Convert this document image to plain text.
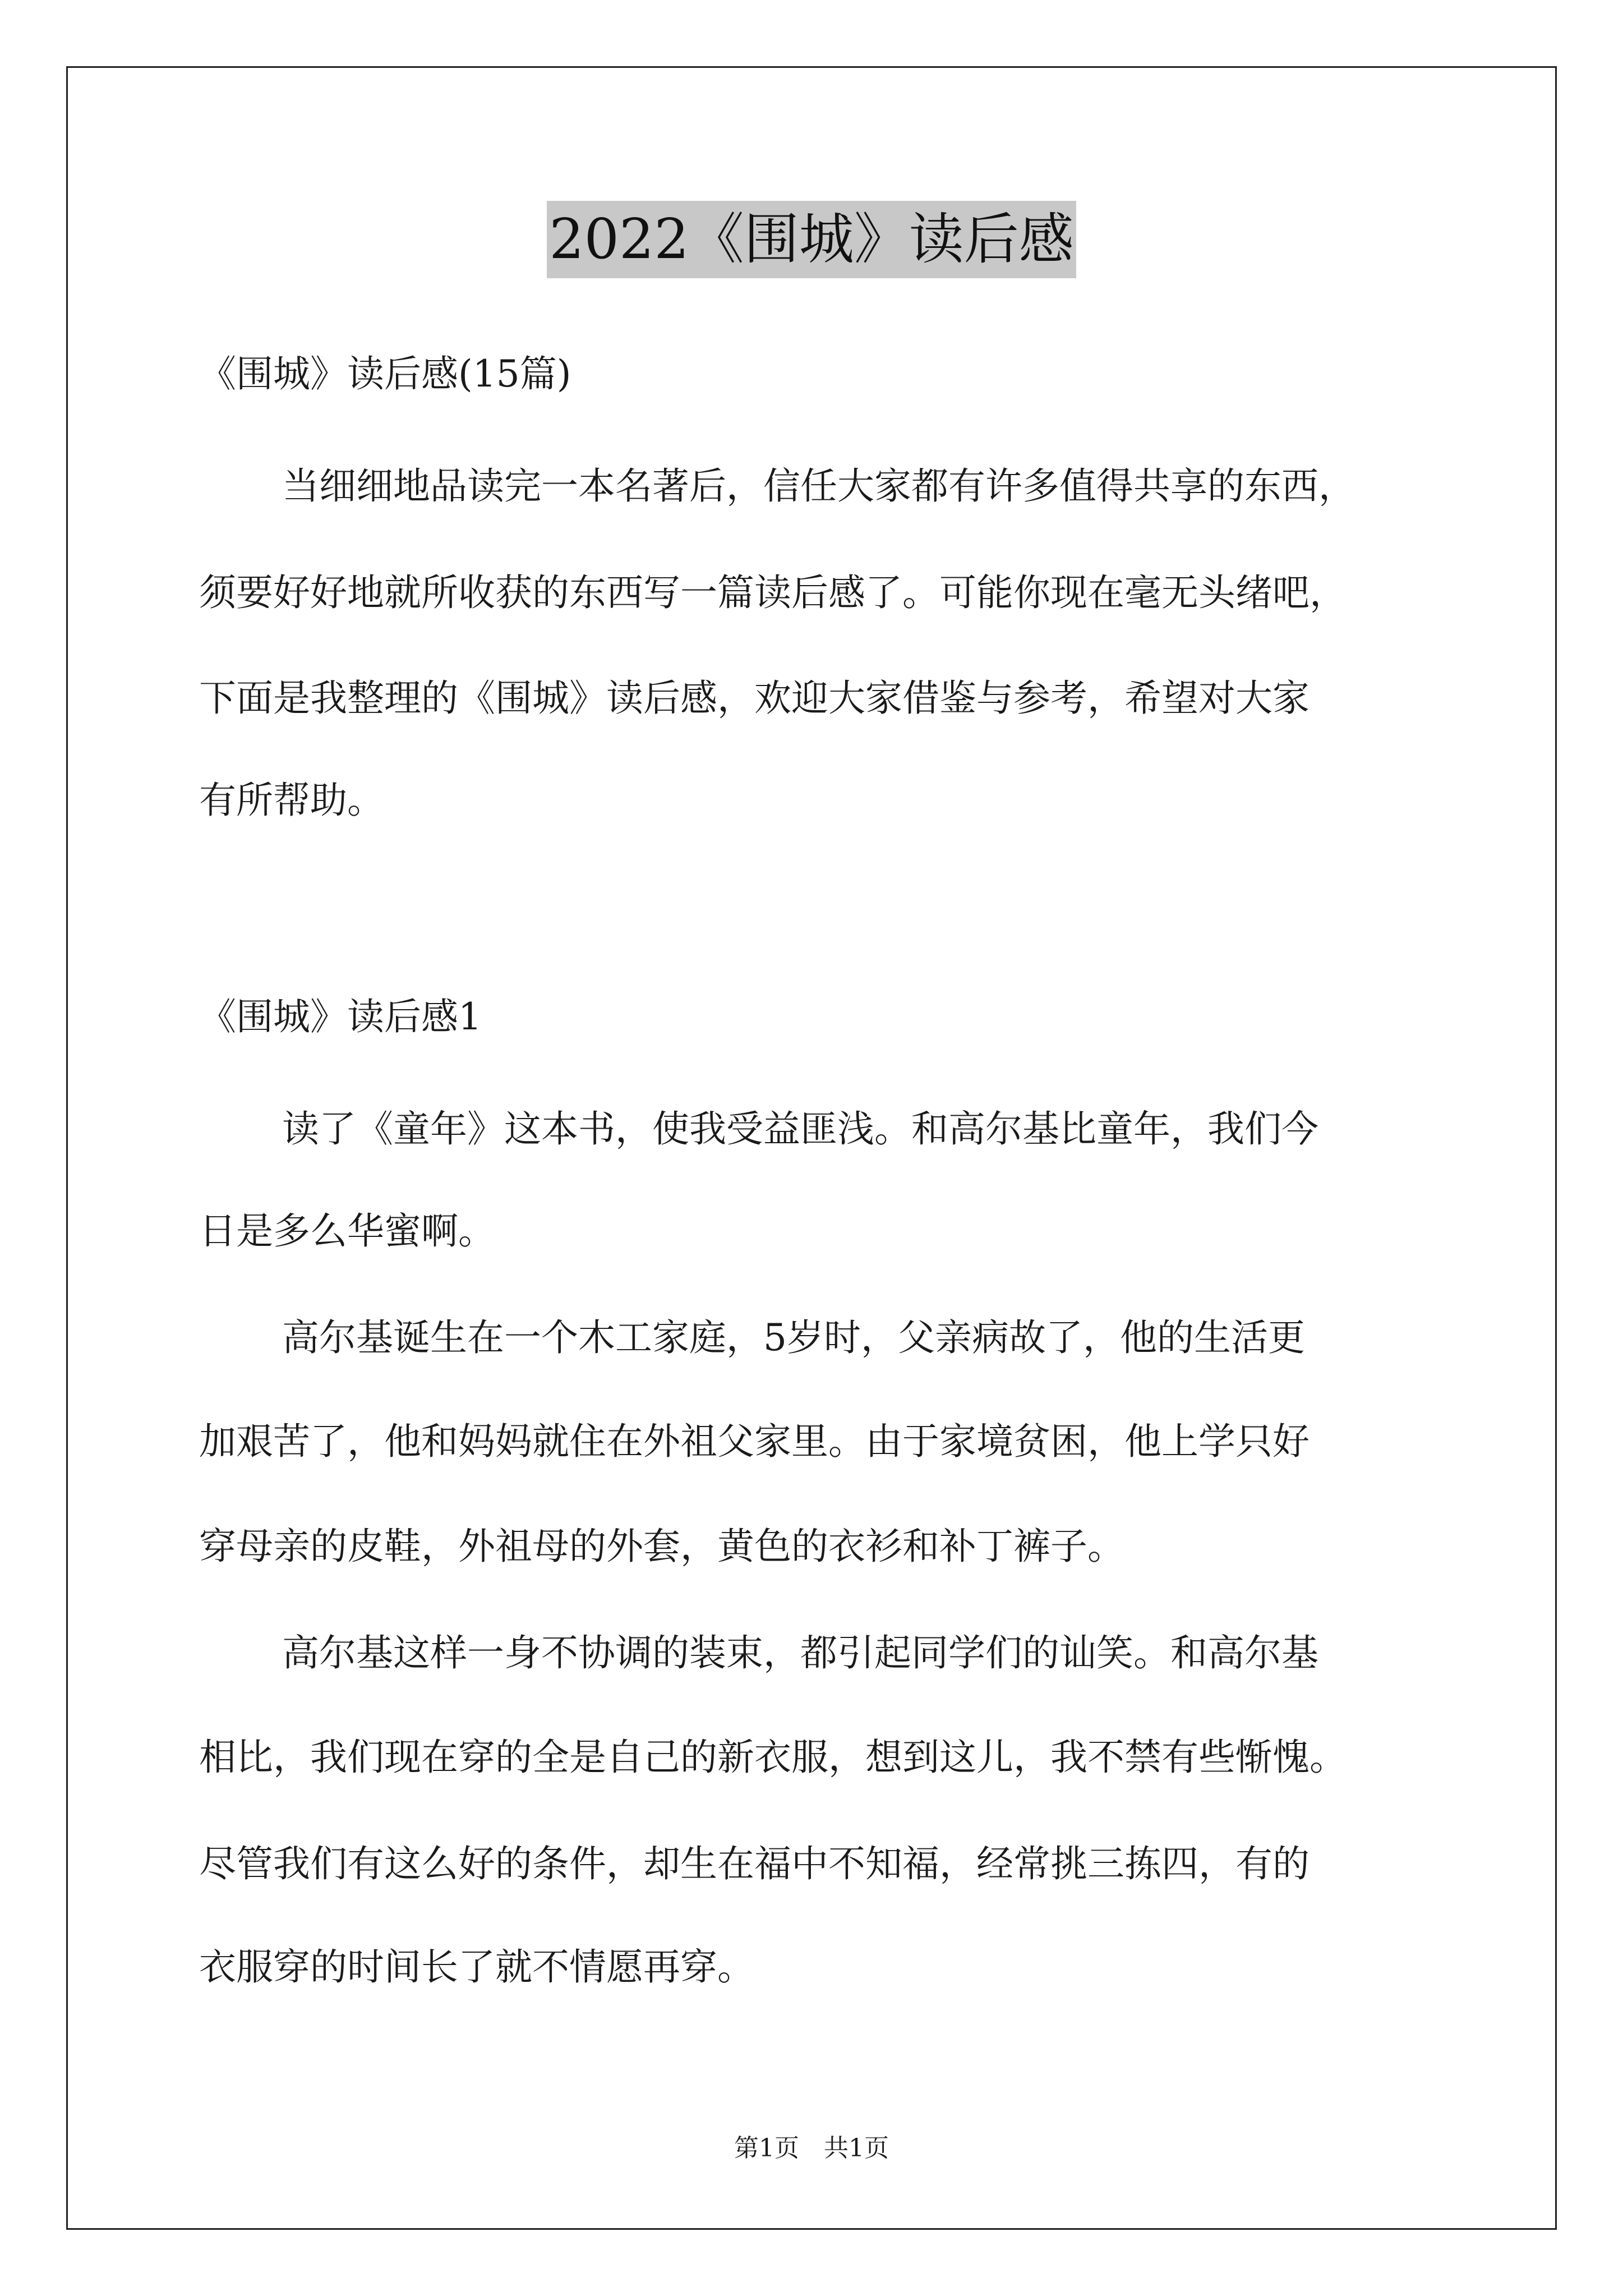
2022《围城》读后感
《围城》读后感(15篇)
当细细地品读完一本名著后，信任大家都有许多值得共享的东西，
须要好好地就所收获的东西写一篇读后感了。可能你现在毫无头绪吧，
下面是我整理的《围城》读后感，欢迎大家借鉴与参考，希望对大家
有所帮助。
《围城》读后感1
读了《童年》这本书，使我受益匪浅。和高尔基比童年，我们今
日是多么华蜜啊。
高尔基诞生在一个木工家庭，5岁时，父亲病故了，他的生活更
加艰苦了，他和妈妈就住在外祖父家里。由于家境贫困，他上学只好
穿母亲的皮鞋，外祖母的外套，黄色的衣衫和补丁裤子。
高尔基这样一身不协调的装束，都引起同学们的讪笑。和高尔基
相比，我们现在穿的全是自己的新衣服，想到这儿，我不禁有些惭愧。
尽管我们有这么好的条件，却生在福中不知福，经常挑三拣四，有的
衣服穿的时间长了就不情愿再穿。
第1页　共1页
